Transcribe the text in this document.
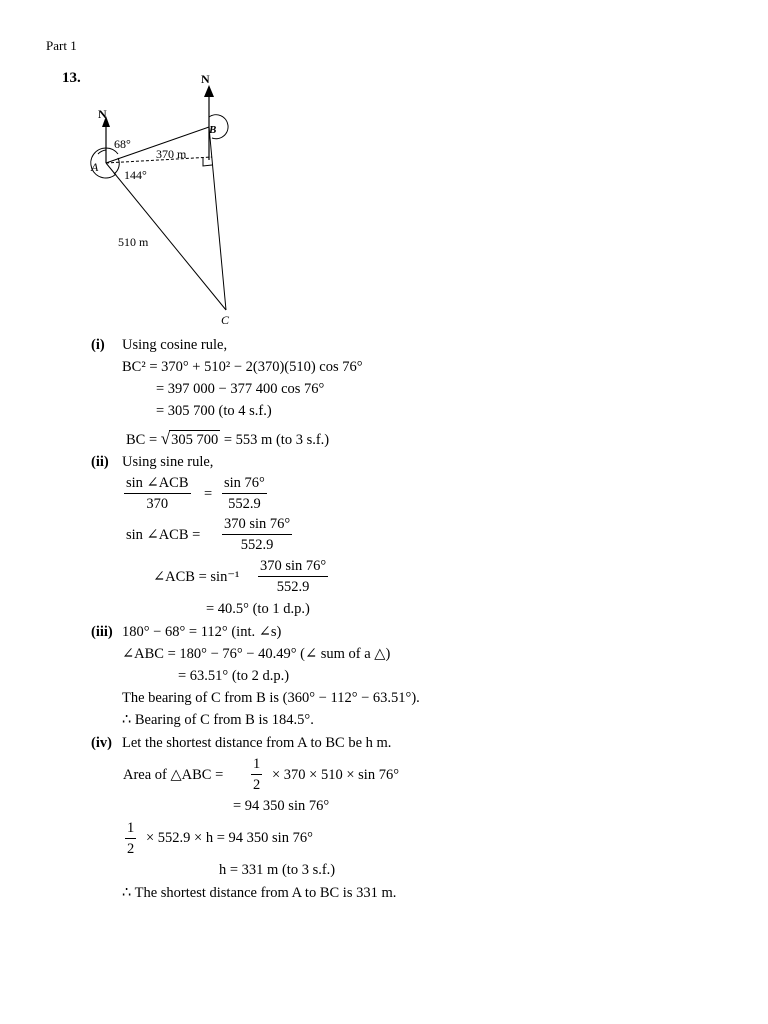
Part 1
13.
N
N
68°
144°
370 m
510 m
A
B
C
(i) Using cosine rule,
BC² = 370° + 510² − 2(370)(510) cos 76°
= 397 000 − 377 400 cos 76°
= 305 700 (to 4 s.f.)
BC = √305 700 = 553 m (to 3 s.f.)
(ii) Using sine rule,
sin ∠ACB
370
= $\frac{\sin 76^\circ}{552.9}$
sin ∠ACB = $\frac{370 \sin 76^\circ}{552.9}$
∠ACB = $\sin^{-1} \frac{370 \sin 76^\circ}{552.9}$
= 40.5° (to 1 d.p.)
(iii) 180° − 68° = 112° (int. ∠s)
∠ABC = 180° − 76° − 40.49° (∠ sum of a △)
= 63.51° (to 2 d.p.)
The bearing of C from B is (360° − 112° − 63.51°).
∴ Bearing of C from B is 184.5°.
(iv) Let the shortest distance from A to BC be h m.
Area of △ABC = $\frac{1}{2} \times 370 \times 510 \times \sin 76^\circ$
= 94 350 sin 76°
$\frac{1}{2} \times 552.9 \times h = 94$ 350 sin 76°
h = 331 m (to 3 s.f.)
∴ The shortest distance from A to BC is 331 m.
